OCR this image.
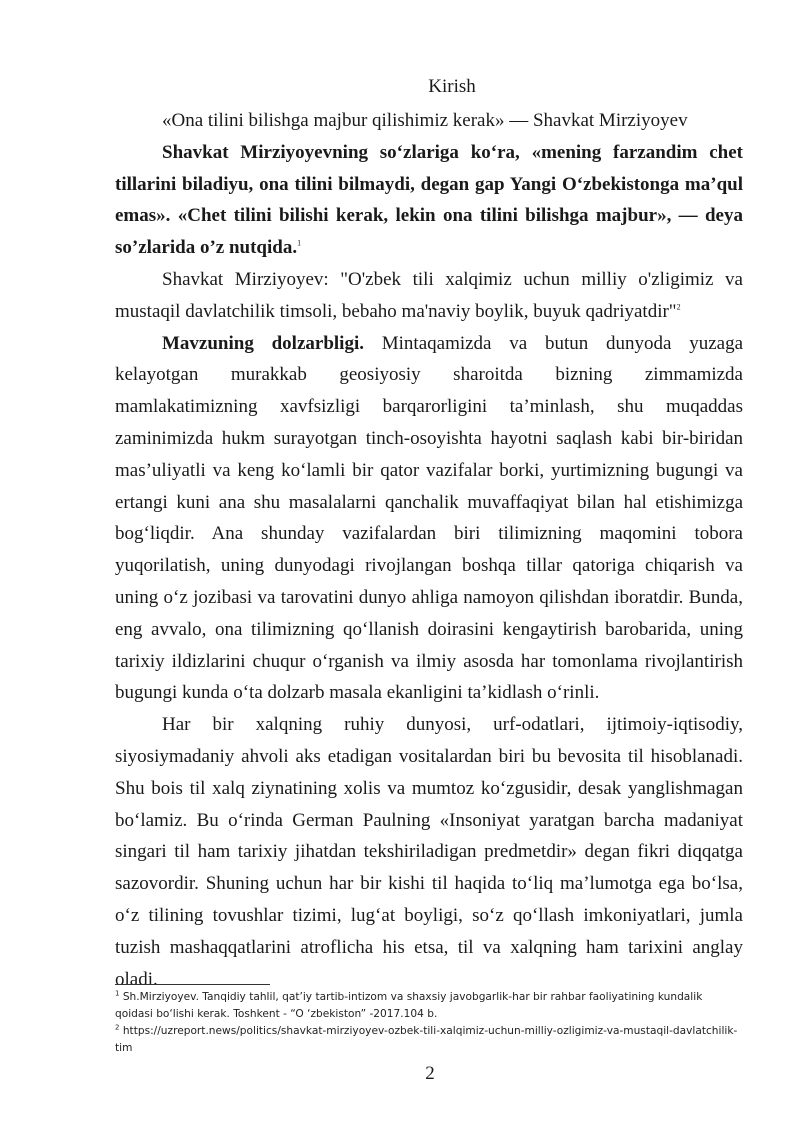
Kirish

«Ona tilini bilishga majbur qilishimiz kerak» — Shavkat Mirziyoyev

Shavkat Mirziyoyevning so‘zlariga ko‘ra, «mening farzandim chet tillarini biladiyu, ona tilini bilmaydi, degan gap Yangi O‘zbekistonga ma’qul emas». «Chet tilini bilishi kerak, lekin ona tilini bilishga majbur», — deya so’zlarida o’z nutqida.$^1$

Shavkat Mirziyoyev: "O'zbek tili xalqimiz uchun milliy o'zligimiz va mustaqil davlatchilik timsoli, bebaho ma'naviy boylik, buyuk qadriyatdir"$^2$

Mavzuning dolzarbligi. Mintaqamizda va butun dunyoda yuzaga kelayotgan murakkab geosiyosiy sharoitda bizning zimmamizda mamlakatimizning xavfsizligi barqarorligini ta’minlash, shu muqaddas zaminimizda hukm surayotgan tinch-osoyishta hayotni saqlash kabi bir-biridan mas’uliyatli va keng ko‘lamli bir qator vazifalar borki, yurtimizning bugungi va ertangi kuni ana shu masalalarni qanchalik muvaffaqiyat bilan hal etishimizga bog‘liqdir. Ana shunday vazifalardan biri tilimizning maqomini tobora yuqorilatish, uning dunyodagi rivojlangan boshqa tillar qatoriga chiqarish va uning o‘z jozibasi va tarovatini dunyo ahliga namoyon qilishdan iboratdir. Bunda, eng avvalo, ona tilimizning qo‘llanish doirasini kengaytirish barobarida, uning tarixiy ildizlarini chuqur o‘rganish va ilmiy asosda har tomonlama rivojlantirish bugungi kunda o‘ta dolzarb masala ekanligini ta’kidlash o‘rinli.

Har bir xalqning ruhiy dunyosi, urf-odatlari, ijtimoiy-iqtisodiy, siyosiymadaniy ahvoli aks etadigan vositalardan biri bu bevosita til hisoblanadi. Shu bois til xalq ziynatining xolis va mumtoz ko‘zgusidir, desak yanglishmagan bo‘lamiz. Bu o‘rinda German Paulning «Insoniyat yaratgan barcha madaniyat singari til ham tarixiy jihatdan tekshiriladigan predmetdir» degan fikri diqqatga sazovordir. Shuning uchun har bir kishi til haqida to‘liq ma’lumotga ega bo‘lsa, o‘z tilining tovushlar tizimi, lug‘at boyligi, so‘z qo‘llash imkoniyatlari, jumla tuzish mashaqqatlarini atroflicha his etsa, til va xalqning ham tarixini anglay oladi.

$^1$ Sh.Mirziyoyev. Tanqidiy tahlil, qat’iy tartib-intizom va shaxsiy javobgarlik-har bir rahbar faoliyatining kundalik qoidasi bo‘lishi kerak. Toshkent - “O ‘zbekiston” -2017.104 b.

$^2$ https://uzreport.news/politics/shavkat-mirziyoyev-ozbek-tili-xalqimiz-uchun-milliy-ozligimiz-va-mustaqil-davlatchilik-tim

2
